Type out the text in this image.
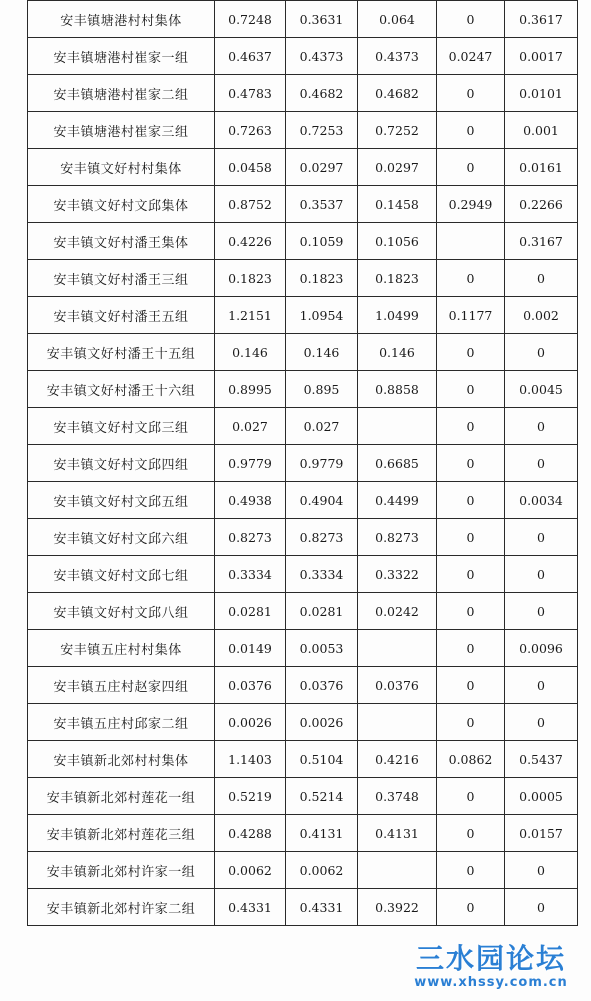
安丰镇塘港村村集体	0.7248	0.3631	0.064	0	0.3617
安丰镇塘港村崔家一组	0.4637	0.4373	0.4373	0.0247	0.0017
安丰镇塘港村崔家二组	0.4783	0.4682	0.4682	0	0.0101
安丰镇塘港村崔家三组	0.7263	0.7253	0.7252	0	0.001
安丰镇文好村村集体	0.0458	0.0297	0.0297	0	0.0161
安丰镇文好村文邱集体	0.8752	0.3537	0.1458	0.2949	0.2266
安丰镇文好村潘王集体	0.4226	0.1059	0.1056		0.3167
安丰镇文好村潘王三组	0.1823	0.1823	0.1823	0	0
安丰镇文好村潘王五组	1.2151	1.0954	1.0499	0.1177	0.002
安丰镇文好村潘王十五组	0.146	0.146	0.146	0	0
安丰镇文好村潘王十六组	0.8995	0.895	0.8858	0	0.0045
安丰镇文好村文邱三组	0.027	0.027		0	0
安丰镇文好村文邱四组	0.9779	0.9779	0.6685	0	0
安丰镇文好村文邱五组	0.4938	0.4904	0.4499	0	0.0034
安丰镇文好村文邱六组	0.8273	0.8273	0.8273	0	0
安丰镇文好村文邱七组	0.3334	0.3334	0.3322	0	0
安丰镇文好村文邱八组	0.0281	0.0281	0.0242	0	0
安丰镇五庄村村集体	0.0149	0.0053		0	0.0096
安丰镇五庄村赵家四组	0.0376	0.0376	0.0376	0	0
安丰镇五庄村邱家二组	0.0026	0.0026		0	0
安丰镇新北郊村村集体	1.1403	0.5104	0.4216	0.0862	0.5437
安丰镇新北郊村莲花一组	0.5219	0.5214	0.3748	0	0.0005
安丰镇新北郊村莲花三组	0.4288	0.4131	0.4131	0	0.0157
安丰镇新北郊村许家一组	0.0062	0.0062		0	0
安丰镇新北郊村许家二组	0.4331	0.4331	0.3922	0	0
三水园论坛
www.xhssy.com.cn
